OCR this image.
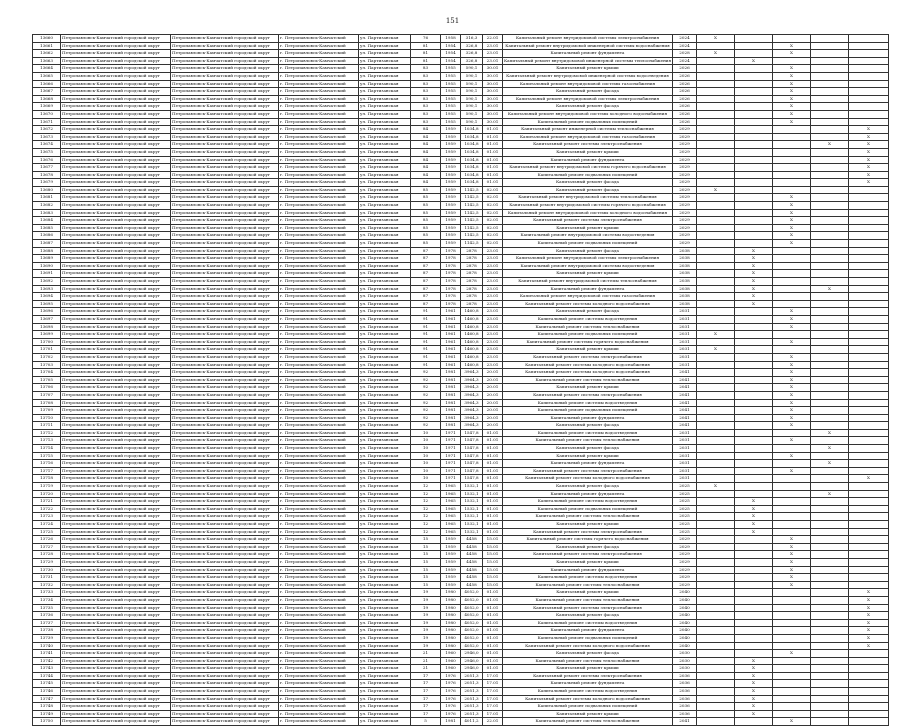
151
13660	Петропавловск-Камчатский городской округ	Петропавловск-Камчатский городской округ	г. Петропавловск-Камчатский	ул. Партизанская	76	1958	316,3	22.01	Капитальный ремонт внутридомовой системы электроснабжения	2024	X				
13661	Петропавловск-Камчатский городской округ	Петропавловск-Камчатский городской округ	г. Петропавловск-Камчатский	ул. Партизанская	81	1954	326,8	23.01	Капитальный ремонт внутридомовой инженерной системы водоснабжения	2024			X		
13662	Петропавловск-Камчатский городской округ	Петропавловск-Камчатский городской округ	г. Петропавловск-Камчатский	ул. Партизанская	81	1954	326,8	23.01	Капитальный ремонт фундамента	2028	X		X		
13663	Петропавловск-Камчатский городской округ	Петропавловск-Камчатский городской округ	г. Петропавловск-Камчатский	ул. Партизанская	81	1954	326,8	23.01	Капитальный ремонт внутридомовой инженерной системы теплоснабжения	2024		X			
13664	Петропавловск-Камчатский городской округ	Петропавловск-Камчатский городской округ	г. Петропавловск-Камчатский	ул. Партизанская	83	1955	590,1	30.01	Капитальный ремонт крыши	2026			X		
13665	Петропавловск-Камчатский городской округ	Петропавловск-Камчатский городской округ	г. Петропавловск-Камчатский	ул. Партизанская	83	1955	590,1	30.01	Капитальный ремонт внутридомовой инженерной системы водоотведения	2026			X		
13666	Петропавловск-Камчатский городской округ	Петропавловск-Камчатский городской округ	г. Петропавловск-Камчатский	ул. Партизанская	83	1955	590,1	30.01	Капитальный ремонт внутридомовой системы газоснабжения	2026			X		
13667	Петропавловск-Камчатский городской округ	Петропавловск-Камчатский городской округ	г. Петропавловск-Камчатский	ул. Партизанская	83	1955	590,1	30.01	Капитальный ремонт фасада	2026			X		
13668	Петропавловск-Камчатский городской округ	Петропавловск-Камчатский городской округ	г. Петропавловск-Камчатский	ул. Партизанская	83	1955	590,1	30.01	Капитальный ремонт внутридомовой системы электроснабжения	2026			X		
13669	Петропавловск-Камчатский городской округ	Петропавловск-Камчатский городской округ	г. Петропавловск-Камчатский	ул. Партизанская	83	1955	590,1	30.01	Капитальный ремонт фасада	2026			X		
13670	Петропавловск-Камчатский городской округ	Петропавловск-Камчатский городской округ	г. Петропавловск-Камчатский	ул. Партизанская	83	1955	590,1	30.01	Капитальный ремонт внутридомовой системы холодного водоснабжения	2026			X		
13671	Петропавловск-Камчатский городской округ	Петропавловск-Камчатский городской округ	г. Петропавловск-Камчатский	ул. Партизанская	83	1955	590,1	30.01	Капитальный ремонт подвальных помещений	2026			X		
13672	Петропавловск-Камчатский городской округ	Петропавловск-Камчатский городской округ	г. Петропавловск-Камчатский	ул. Партизанская	84	1959	1034,8	01.01	Капитальный ремонт инженерной системы теплоснабжения	2029					X
13673	Петропавловск-Камчатский городской округ	Петропавловск-Камчатский городской округ	г. Петропавловск-Камчатский	ул. Партизанская	84	1959	1034,8	01.01	Капитальный ремонт внутридомовой системы газоснабжения	2029					X
13674	Петропавловск-Камчатский городской округ	Петропавловск-Камчатский городской округ	г. Петропавловск-Камчатский	ул. Партизанская	84	1959	1034,8	01.01	Капитальный ремонт системы электроснабжения	2029				X	X
13675	Петропавловск-Камчатский городской округ	Петропавловск-Камчатский городской округ	г. Петропавловск-Камчатский	ул. Партизанская	84	1959	1034,8	01.01	Капитальный ремонт крыши	2029					X
13676	Петропавловск-Камчатский городской округ	Петропавловск-Камчатский городской округ	г. Петропавловск-Камчатский	ул. Партизанская	84	1959	1034,8	01.01	Капитальный ремонт фундамента	2029					X
13677	Петропавловск-Камчатский городской округ	Петропавловск-Камчатский городской округ	г. Петропавловск-Камчатский	ул. Партизанская	84	1959	1034,8	01.01	Капитальный ремонт внутридомовой системы горячего водоснабжения	2029					X
13678	Петропавловск-Камчатский городской округ	Петропавловск-Камчатский городской округ	г. Петропавловск-Камчатский	ул. Партизанская	84	1959	1034,8	01.01	Капитальный ремонт подвальных помещений	2029					X
13679	Петропавловск-Камчатский городской округ	Петропавловск-Камчатский городской округ	г. Петропавловск-Камчатский	ул. Партизанская	84	1959	1034,8	01.01	Капитальный ремонт фасада	2029					X
13680	Петропавловск-Камчатский городской округ	Петропавловск-Камчатский городской округ	г. Петропавловск-Камчатский	ул. Партизанская	85	1959	1142,5	02.01	Капитальный ремонт фасада	2029	X				
13681	Петропавловск-Камчатский городской округ	Петропавловск-Камчатский городской округ	г. Петропавловск-Камчатский	ул. Партизанская	85	1959	1142,5	02.01	Капитальный ремонт внутридомовой системы теплоснабжения	2029			X		
13682	Петропавловск-Камчатский городской округ	Петропавловск-Камчатский городской округ	г. Петропавловск-Камчатский	ул. Партизанская	85	1959	1142,5	02.01	Капитальный ремонт внутридомовой системы горячего водоснабжения	2029			X		
13683	Петропавловск-Камчатский городской округ	Петропавловск-Камчатский городской округ	г. Петропавловск-Камчатский	ул. Партизанская	85	1959	1142,5	02.01	Капитальный ремонт внутридомовой системы холодного водоснабжения	2029			X		
13684	Петропавловск-Камчатский городской округ	Петропавловск-Камчатский городской округ	г. Петропавловск-Камчатский	ул. Партизанская	85	1959	1142,5	02.01	Капитальный ремонт системы электроснабжения	2029			X		
13685	Петропавловск-Камчатский городской округ	Петропавловск-Камчатский городской округ	г. Петропавловск-Камчатский	ул. Партизанская	85	1959	1142,5	02.01	Капитальный ремонт крыши	2029			X		
13686	Петропавловск-Камчатский городской округ	Петропавловск-Камчатский городской округ	г. Петропавловск-Камчатский	ул. Партизанская	85	1959	1142,5	02.01	Капитальный ремонт внутридомовой системы водоотведения	2029			X		
13687	Петропавловск-Камчатский городской округ	Петропавловск-Камчатский городской округ	г. Петропавловск-Камчатский	ул. Партизанская	85	1959	1142,5	02.01	Капитальный ремонт подвальных помещений	2029			X		
13688	Петропавловск-Камчатский городской округ	Петропавловск-Камчатский городской округ	г. Петропавловск-Камчатский	ул. Партизанская	87	1978	2878	23.01	Капитальный ремонт фасада	2038		X			
13689	Петропавловск-Камчатский городской округ	Петропавловск-Камчатский городской округ	г. Петропавловск-Камчатский	ул. Партизанская	87	1978	2878	23.01	Капитальный ремонт внутридомовой системы электроснабжения	2038		X			
13690	Петропавловск-Камчатский городской округ	Петропавловск-Камчатский городской округ	г. Петропавловск-Камчатский	ул. Партизанская	87	1978	2878	23.01	Капитальный ремонт внутридомовой системы водоотведения	2038		X			
13691	Петропавловск-Камчатский городской округ	Петропавловск-Камчатский городской округ	г. Петропавловск-Камчатский	ул. Партизанская	87	1978	2878	23.01	Капитальный ремонт крыши	2038		X			
13692	Петропавловск-Камчатский городской округ	Петропавловск-Камчатский городской округ	г. Петропавловск-Камчатский	ул. Партизанская	87	1978	2878	23.01	Капитальный ремонт внутридомовой системы теплоснабжения	2038		X			
13693	Петропавловск-Камчатский городской округ	Петропавловск-Камчатский городской округ	г. Петропавловск-Камчатский	ул. Партизанская	87	1978	2878	23.01	Капитальный ремонт фундамента	2038		X		X	
13694	Петропавловск-Камчатский городской округ	Петропавловск-Камчатский городской округ	г. Петропавловск-Камчатский	ул. Партизанская	87	1978	2878	23.01	Капитальный ремонт внутридомовой системы газоснабжения	2038		X			
13695	Петропавловск-Камчатский городской округ	Петропавловск-Камчатский городской округ	г. Петропавловск-Камчатский	ул. Партизанская	87	1978	2878	23.01	Капитальный ремонт системы холодного водоснабжения	2038		X			
13696	Петропавловск-Камчатский городской округ	Петропавловск-Камчатский городской округ	г. Петропавловск-Камчатский	ул. Партизанская	91	1961	1460,8	23.01	Капитальный ремонт фасада	2031			X		
13697	Петропавловск-Камчатский городской округ	Петропавловск-Камчатский городской округ	г. Петропавловск-Камчатский	ул. Партизанская	91	1961	1460,8	23.01	Капитальный ремонт системы водоотведения	2031			X		
13698	Петропавловск-Камчатский городской округ	Петропавловск-Камчатский городской округ	г. Петропавловск-Камчатский	ул. Партизанская	91	1961	1460,8	23.01	Капитальный ремонт системы теплоснабжения	2031			X		
13699	Петропавловск-Камчатский городской округ	Петропавловск-Камчатский городской округ	г. Петропавловск-Камчатский	ул. Партизанская	91	1961	1460,8	23.01	Капитальный ремонт подвальных помещений	2031	X				
13700	Петропавловск-Камчатский городской округ	Петропавловск-Камчатский городской округ	г. Петропавловск-Камчатский	ул. Партизанская	91	1961	1460,8	23.01	Капитальный ремонт системы горячего водоснабжения	2031			X		
13701	Петропавловск-Камчатский городской округ	Петропавловск-Камчатский городской округ	г. Петропавловск-Камчатский	ул. Партизанская	91	1961	1460,8	23.01	Капитальный ремонт крыши	2031	X				
13702	Петропавловск-Камчатский городской округ	Петропавловск-Камчатский городской округ	г. Петропавловск-Камчатский	ул. Партизанская	91	1961	1460,8	23.01	Капитальный ремонт системы электроснабжения	2031			X		
13703	Петропавловск-Камчатский городской округ	Петропавловск-Камчатский городской округ	г. Петропавловск-Камчатский	ул. Партизанская	91	1961	1460,8	23.01	Капитальный ремонт системы холодного водоснабжения	2031			X		
13704	Петропавловск-Камчатский городской округ	Петропавловск-Камчатский городской округ	г. Петропавловск-Камчатский	ул. Партизанская	92	1981	3964,3	20.01	Капитальный ремонт системы холодного водоснабжения	2041			X		
13705	Петропавловск-Камчатский городской округ	Петропавловск-Камчатский городской округ	г. Петропавловск-Камчатский	ул. Партизанская	92	1981	3964,3	20.01	Капитальный ремонт системы теплоснабжения	2041			X		
13706	Петропавловск-Камчатский городской округ	Петропавловск-Камчатский городской округ	г. Петропавловск-Камчатский	ул. Партизанская	92	1981	3964,3	20.01	Капитальный ремонт крыши	2041			X		
13707	Петропавловск-Камчатский городской округ	Петропавловск-Камчатский городской округ	г. Петропавловск-Камчатский	ул. Партизанская	92	1981	3964,3	20.01	Капитальный ремонт системы электроснабжения	2041			X		
13708	Петропавловск-Камчатский городской округ	Петропавловск-Камчатский городской округ	г. Петропавловск-Камчатский	ул. Партизанская	92	1981	3964,3	20.01	Капитальный ремонт системы водоотведения	2041			X		
13709	Петропавловск-Камчатский городской округ	Петропавловск-Камчатский городской округ	г. Петропавловск-Камчатский	ул. Партизанская	92	1981	3964,3	20.01	Капитальный ремонт подвальных помещений	2041			X		
13710	Петропавловск-Камчатский городской округ	Петропавловск-Камчатский городской округ	г. Петропавловск-Камчатский	ул. Партизанская	92	1981	3964,3	20.01	Капитальный ремонт фундамента	2041			X		
13711	Петропавловск-Камчатский городской округ	Петропавловск-Камчатский городской округ	г. Петропавловск-Камчатский	ул. Партизанская	92	1981	3964,3	20.01	Капитальный ремонт фасада	2041			X		
13712	Петропавловск-Камчатский городской округ	Петропавловск-Камчатский городской округ	г. Петропавловск-Камчатский	ул. Партизанская	10	1971	1547,8	01.01	Капитальный ремонт системы водоотведения	2031				X	
13713	Петропавловск-Камчатский городской округ	Петропавловск-Камчатский городской округ	г. Петропавловск-Камчатский	ул. Партизанская	10	1971	1547,8	01.01	Капитальный ремонт системы теплоснабжения	2031			X		
13714	Петропавловск-Камчатский городской округ	Петропавловск-Камчатский городской округ	г. Петропавловск-Камчатский	ул. Партизанская	10	1971	1547,8	01.01	Капитальный ремонт фасада	2031				X	
13715	Петропавловск-Камчатский городской округ	Петропавловск-Камчатский городской округ	г. Петропавловск-Камчатский	ул. Партизанская	10	1971	1547,8	01.01	Капитальный ремонт крыши	2031			X		
13716	Петропавловск-Камчатский городской округ	Петропавловск-Камчатский городской округ	г. Петропавловск-Камчатский	ул. Партизанская	10	1971	1547,8	01.01	Капитальный ремонт фундамента	2031				X	
13717	Петропавловск-Камчатский городской округ	Петропавловск-Камчатский городской округ	г. Петропавловск-Камчатский	ул. Партизанская	10	1971	1547,8	01.01	Капитальный ремонт системы электроснабжения	2031			X		
13718	Петропавловск-Камчатский городской округ	Петропавловск-Камчатский городской округ	г. Петропавловск-Камчатский	ул. Партизанская	10	1971	1547,8	01.01	Капитальный ремонт системы холодного водоснабжения	2031					X
13719	Петропавловск-Камчатский городской округ	Петропавловск-Камчатский городской округ	г. Петропавловск-Камчатский	ул. Партизанская	12	1965	1532,1	01.01	Капитальный ремонт фасада	2025	X				
13720	Петропавловск-Камчатский городской округ	Петропавловск-Камчатский городской округ	г. Петропавловск-Камчатский	ул. Партизанская	12	1965	1532,1	01.01	Капитальный ремонт фундамента	2025				X	
13721	Петропавловск-Камчатский городской округ	Петропавловск-Камчатский городской округ	г. Петропавловск-Камчатский	ул. Партизанская	12	1965	1532,1	01.01	Капитальный ремонт системы водоотведения	2025		X			
13722	Петропавловск-Камчатский городской округ	Петропавловск-Камчатский городской округ	г. Петропавловск-Камчатский	ул. Партизанская	12	1965	1532,1	01.01	Капитальный ремонт подвальных помещений	2025		X			
13723	Петропавловск-Камчатский городской округ	Петропавловск-Камчатский городской округ	г. Петропавловск-Камчатский	ул. Партизанская	12	1965	1532,1	01.01	Капитальный ремонт системы теплоснабжения	2025		X			
13724	Петропавловск-Камчатский городской округ	Петропавловск-Камчатский городской округ	г. Петропавловск-Камчатский	ул. Партизанская	12	1965	1532,1	01.01	Капитальный ремонт крыши	2025		X			
13725	Петропавловск-Камчатский городской округ	Петропавловск-Камчатский городской округ	г. Петропавловск-Камчатский	ул. Партизанская	12	1965	1532,1	01.01	Капитальный ремонт системы электроснабжения	2025		X			
13726	Петропавловск-Камчатский городской округ	Петропавловск-Камчатский городской округ	г. Петропавловск-Камчатский	ул. Партизанская	15	1959	4458	15.01	Капитальный ремонт системы горячего водоснабжения	2029			X		
13727	Петропавловск-Камчатский городской округ	Петропавловск-Камчатский городской округ	г. Петропавловск-Камчатский	ул. Партизанская	15	1959	4458	15.01	Капитальный ремонт фасада	2029			X		
13728	Петропавловск-Камчатский городской округ	Петропавловск-Камчатский городской округ	г. Петропавловск-Камчатский	ул. Партизанская	15	1959	4458	15.01	Капитальный ремонт системы электроснабжения	2029			X		
13729	Петропавловск-Камчатский городской округ	Петропавловск-Камчатский городской округ	г. Петропавловск-Камчатский	ул. Партизанская	15	1959	4458	15.01	Капитальный ремонт крыши	2029			X		
13730	Петропавловск-Камчатский городской округ	Петропавловск-Камчатский городской округ	г. Петропавловск-Камчатский	ул. Партизанская	15	1959	4458	15.01	Капитальный ремонт фундамента	2029			X		
13731	Петропавловск-Камчатский городской округ	Петропавловск-Камчатский городской округ	г. Петропавловск-Камчатский	ул. Партизанская	15	1959	4458	15.01	Капитальный ремонт системы водоотведения	2029			X		
13732	Петропавловск-Камчатский городской округ	Петропавловск-Камчатский городской округ	г. Петропавловск-Камчатский	ул. Партизанская	15	1959	4458	15.01	Капитальный ремонт системы теплоснабжения	2029			X		
13733	Петропавловск-Камчатский городской округ	Петропавловск-Камчатский городской округ	г. Петропавловск-Камчатский	ул. Партизанская	19	1980	4052,0	01.01	Капитальный ремонт крыши	2040					X
13734	Петропавловск-Камчатский городской округ	Петропавловск-Камчатский городской округ	г. Петропавловск-Камчатский	ул. Партизанская	19	1980	4052,0	01.01	Капитальный ремонт системы теплоснабжения	2040					X
13735	Петропавловск-Камчатский городской округ	Петропавловск-Камчатский городской округ	г. Петропавловск-Камчатский	ул. Партизанская	19	1980	4052,0	01.01	Капитальный ремонт системы электроснабжения	2040					X
13736	Петропавловск-Камчатский городской округ	Петропавловск-Камчатский городской округ	г. Петропавловск-Камчатский	ул. Партизанская	19	1980	4052,0	01.01	Капитальный ремонт фасада	2040					X
13737	Петропавловск-Камчатский городской округ	Петропавловск-Камчатский городской округ	г. Петропавловск-Камчатский	ул. Партизанская	19	1980	4052,0	01.01	Капитальный ремонт системы водоотведения	2040					X
13738	Петропавловск-Камчатский городской округ	Петропавловск-Камчатский городской округ	г. Петропавловск-Камчатский	ул. Партизанская	19	1980	4052,0	01.01	Капитальный ремонт фундамента	2040					X
13739	Петропавловск-Камчатский городской округ	Петропавловск-Камчатский городской округ	г. Петропавловск-Камчатский	ул. Партизанская	19	1980	4052,0	01.01	Капитальный ремонт подвальных помещений	2040					X
13740	Петропавловск-Камчатский городской округ	Петропавловск-Камчатский городской округ	г. Петропавловск-Камчатский	ул. Партизанская	19	1980	4052,0	01.01	Капитальный ремонт системы холодного водоснабжения	2040					X
13741	Петропавловск-Камчатский городской округ	Петропавловск-Камчатский городской округ	г. Петропавловск-Камчатский	ул. Партизанская	21	1960	2946,0	01.01	Капитальный ремонт фасада	2030			X		
13742	Петропавловск-Камчатский городской округ	Петропавловск-Камчатский городской округ	г. Петропавловск-Камчатский	ул. Партизанская	21	1960	2946,0	01.01	Капитальный ремонт системы теплоснабжения	2030		X			
13743	Петропавловск-Камчатский городской округ	Петропавловск-Камчатский городской округ	г. Петропавловск-Камчатский	ул. Партизанская	21	1960	2946,0	01.01	Капитальный ремонт крыши	2030		X			
13744	Петропавловск-Камчатский городской округ	Петропавловск-Камчатский городской округ	г. Петропавловск-Камчатский	ул. Партизанская	17	1976	2051,3	17.01	Капитальный ремонт системы электроснабжения	2036		X			
13745	Петропавловск-Камчатский городской округ	Петропавловск-Камчатский городской округ	г. Петропавловск-Камчатский	ул. Партизанская	17	1976	2051,3	17.01	Капитальный ремонт фундамента	2036		X			
13746	Петропавловск-Камчатский городской округ	Петропавловск-Камчатский городской округ	г. Петропавловск-Камчатский	ул. Партизанская	17	1976	2051,3	17.01	Капитальный ремонт системы водоотведения	2036		X			
13747	Петропавловск-Камчатский городской округ	Петропавловск-Камчатский городской округ	г. Петропавловск-Камчатский	ул. Партизанская	17	1976	2051,3	17.01	Капитальный ремонт системы холодного водоснабжения	2036		X			
13748	Петропавловск-Камчатский городской округ	Петропавловск-Камчатский городской округ	г. Петропавловск-Камчатский	ул. Партизанская	17	1976	2051,3	17.01	Капитальный ремонт подвальных помещений	2036		X			
13749	Петропавловск-Камчатский городской округ	Петропавловск-Камчатский городской округ	г. Петропавловск-Камчатский	ул. Партизанская	17	1976	2051,3	17.01	Капитальный ремонт крыши	2036		X			
13750	Петропавловск-Камчатский городской округ	Петропавловск-Камчатский городской округ	г. Петропавловск-Камчатский	ул. Партизанская	5	1981	4011,2	22.01	Капитальный ремонт системы теплоснабжения	2041			X		
